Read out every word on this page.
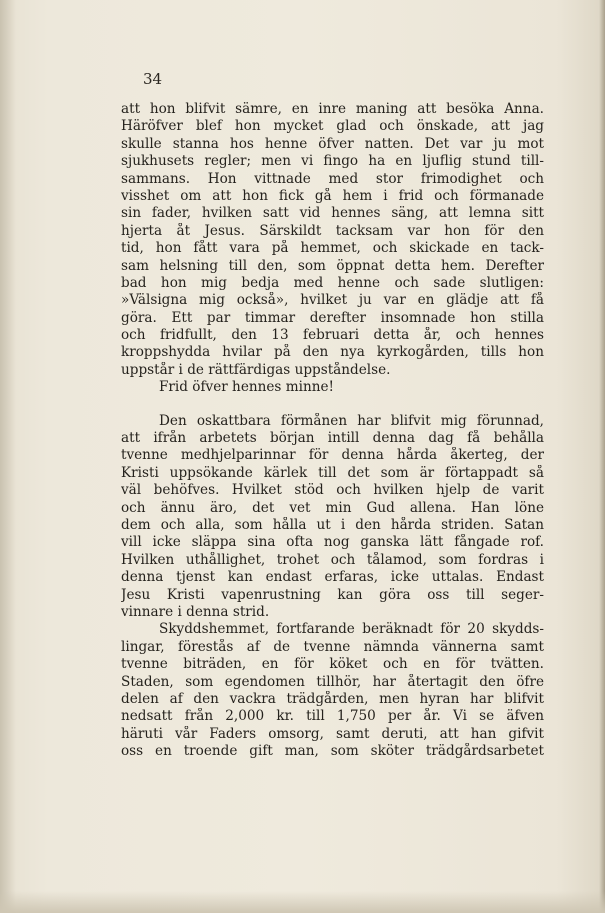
34
att hon blifvit sämre, en inre maning att besöka Anna.
Häröfver blef hon mycket glad och önskade, att jag
skulle stanna hos henne öfver natten. Det var ju mot
sjukhusets regler; men vi fingo ha en ljuflig stund till-
sammans. Hon vittnade med stor frimodighet och
visshet om att hon fick gå hem i frid och förmanade
sin fader, hvilken satt vid hennes säng, att lemna sitt
hjerta åt Jesus. Särskildt tacksam var hon för den
tid, hon fått vara på hemmet, och skickade en tack-
sam helsning till den, som öppnat detta hem. Derefter
bad hon mig bedja med henne och sade slutligen:
»Välsigna mig också», hvilket ju var en glädje att få
göra. Ett par timmar derefter insomnade hon stilla
och fridfullt, den 13 februari detta år, och hennes
kroppshydda hvilar på den nya kyrkogården, tills hon
uppstår i de rättfärdigas uppståndelse.
Frid öfver hennes minne!
Den oskattbara förmånen har blifvit mig förunnad,
att ifrån arbetets början intill denna dag få behålla
tvenne medhjelparinnar för denna hårda åkerteg, der
Kristi uppsökande kärlek till det som är förtappadt så
väl behöfves. Hvilket stöd och hvilken hjelp de varit
och ännu äro, det vet min Gud allena. Han löne
dem och alla, som hålla ut i den hårda striden. Satan
vill icke släppa sina ofta nog ganska lätt fångade rof.
Hvilken uthållighet, trohet och tålamod, som fordras i
denna tjenst kan endast erfaras, icke uttalas. Endast
Jesu Kristi vapenrustning kan göra oss till seger-
vinnare i denna strid.
Skyddshemmet, fortfarande beräknadt för 20 skydds-
lingar, förestås af de tvenne nämnda vännerna samt
tvenne biträden, en för köket och en för tvätten.
Staden, som egendomen tillhör, har återtagit den öfre
delen af den vackra trädgården, men hyran har blifvit
nedsatt från 2,000 kr. till 1,750 per år. Vi se äfven
häruti vår Faders omsorg, samt deruti, att han gifvit
oss en troende gift man, som sköter trädgårdsarbetet
